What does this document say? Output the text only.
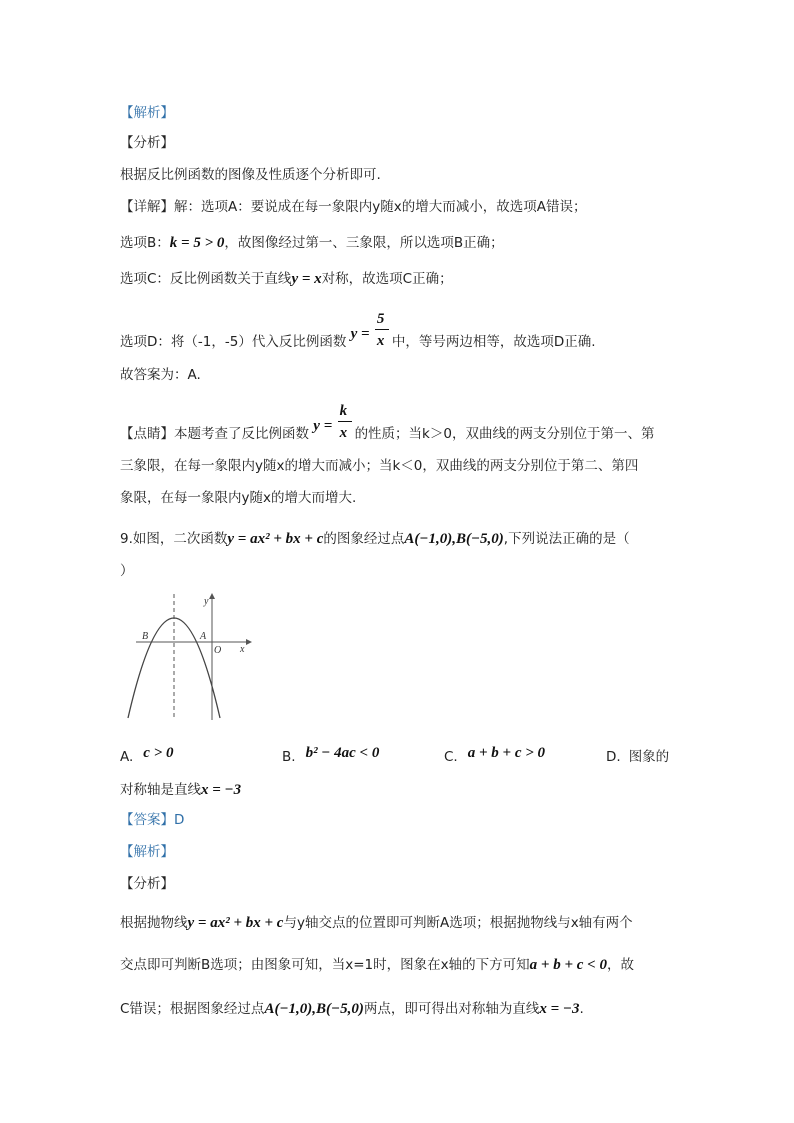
【解析】
【分析】
根据反比例函数的图像及性质逐个分析即可.
【详解】解：选项A：要说成在每一象限内y随x的增大而减小，故选项A错误；
选项B：k = 5 > 0，故图像经过第一、三象限，所以选项B正确；
选项C：反比例函数关于直线y = x对称，故选项C正确；
选项D：将（-1，-5）代入反比例函数 $y = \frac{5}{x}$ 中，等号两边相等，故选项D正确.
故答案为：A.
【点睛】本题考查了反比例函数 $y = \frac{k}{x}$ 的性质；当k＞0，双曲线的两支分别位于第一、第
三象限，在每一象限内y随x的增大而减小；当k＜0，双曲线的两支分别位于第二、第四
象限，在每一象限内y随x的增大而增大.
9.如图，二次函数y = ax² + bx + c的图象经过点A(−1,0),B(−5,0),下列说法正确的是（
）
y
B	A
O x
A. c > 0	B. b² − 4ac < 0	C. a + b + c > 0	D. 图象的
对称轴是直线x = −3
【答案】D
【解析】
【分析】
根据抛物线y = ax² + bx + c与y轴交点的位置即可判断A选项；根据抛物线与x轴有两个
交点即可判断B选项；由图象可知，当x=1时，图象在x轴的下方可知a + b + c < 0，故
C错误；根据图象经过点A(−1,0),B(−5,0)两点，即可得出对称轴为直线x = −3.
